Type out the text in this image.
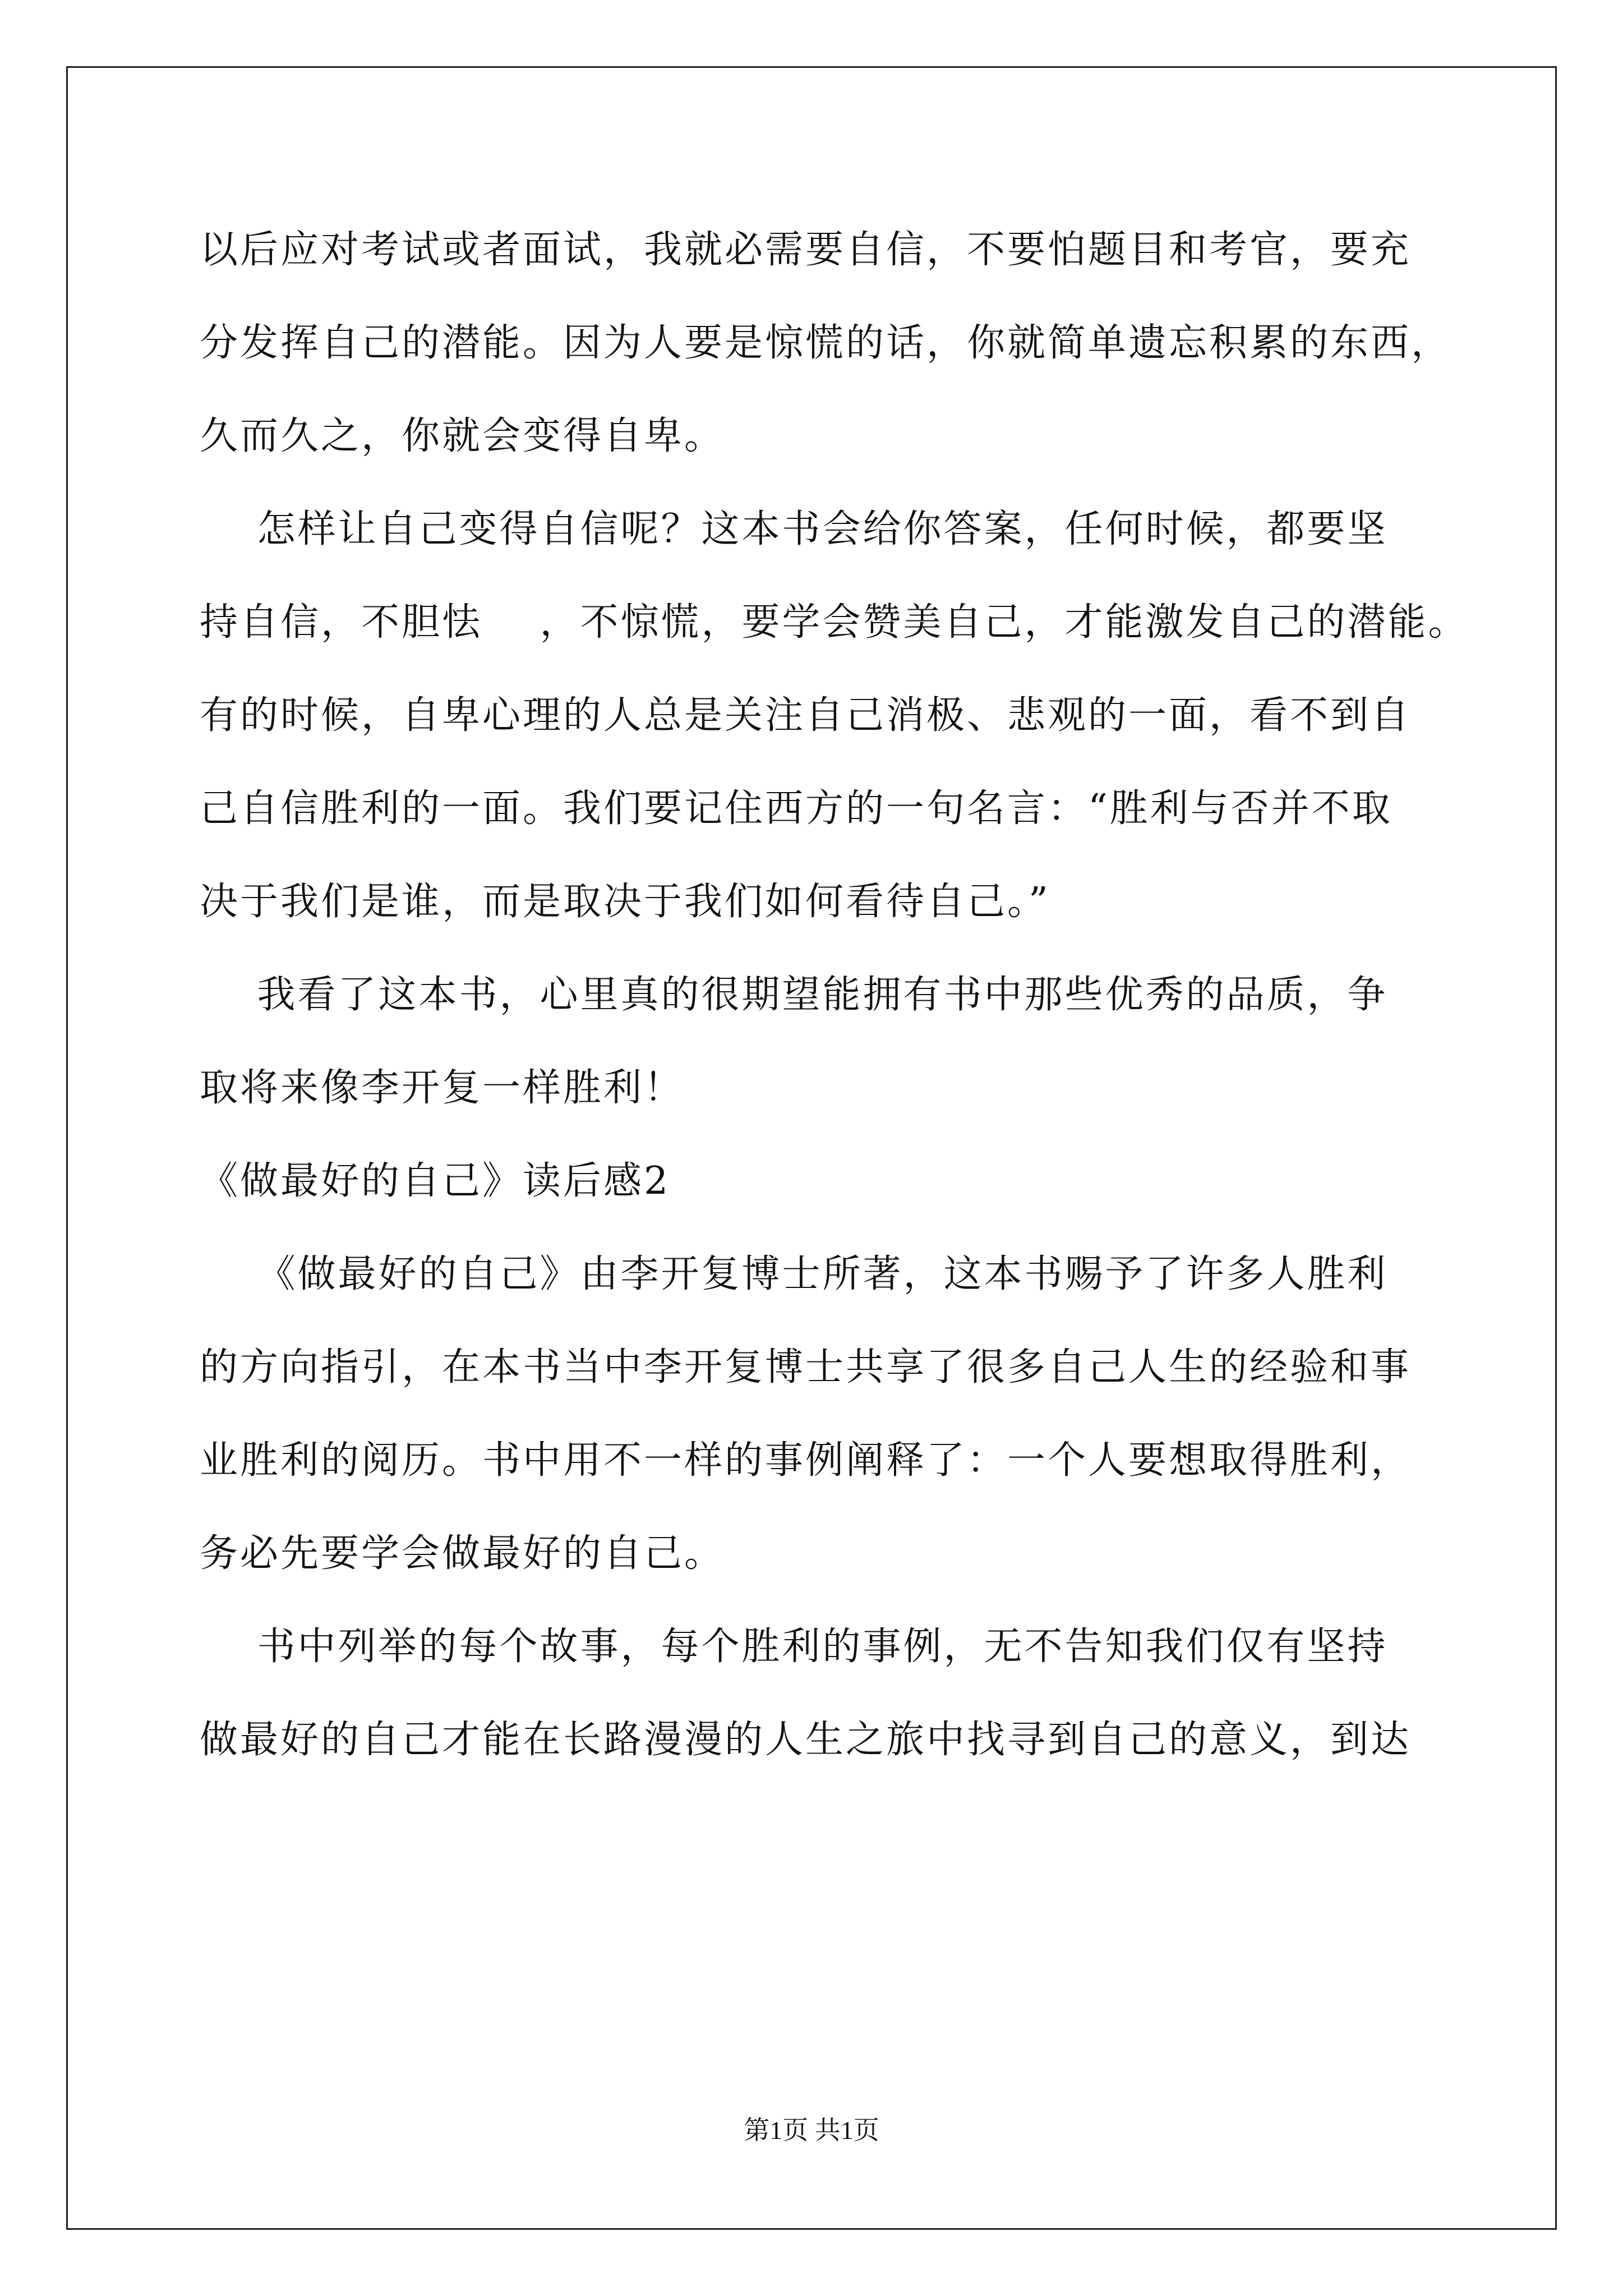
以后应对考试或者面试，我就必需要自信，不要怕题目和考官，要充
分发挥自己的潜能。因为人要是惊慌的话，你就简单遗忘积累的东西，
久而久之，你就会变得自卑。
怎样让自己变得自信呢？这本书会给你答案，任何时候，都要坚
持自信，不胆怯    ，不惊慌，要学会赞美自己，才能激发自己的潜能。
有的时候，自卑心理的人总是关注自己消极、悲观的一面，看不到自
己自信胜利的一面。我们要记住西方的一句名言：“胜利与否并不取
决于我们是谁，而是取决于我们如何看待自己。”
我看了这本书，心里真的很期望能拥有书中那些优秀的品质，争
取将来像李开复一样胜利！
《做最好的自己》读后感2
《做最好的自己》由李开复博士所著，这本书赐予了许多人胜利
的方向指引，在本书当中李开复博士共享了很多自己人生的经验和事
业胜利的阅历。书中用不一样的事例阐释了：一个人要想取得胜利，
务必先要学会做最好的自己。
书中列举的每个故事，每个胜利的事例，无不告知我们仅有坚持
做最好的自己才能在长路漫漫的人生之旅中找寻到自己的意义，到达
第1页 共1页
